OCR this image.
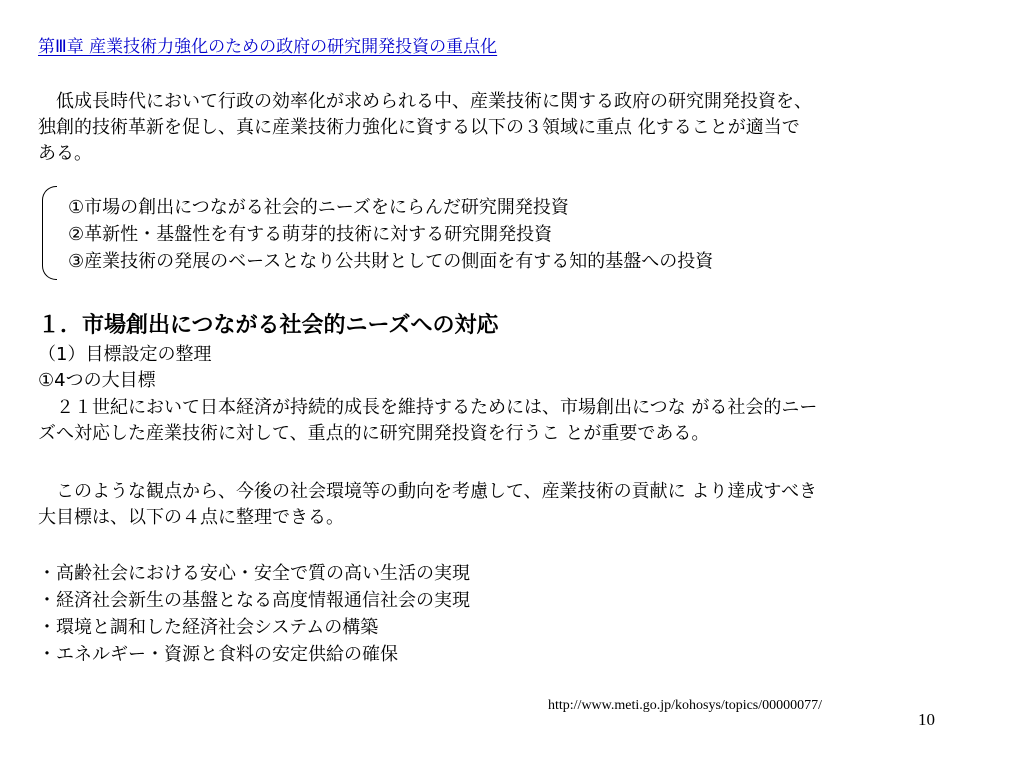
第Ⅲ章 産業技術力強化のための政府の研究開発投資の重点化
　低成長時代において行政の効率化が求められる中、産業技術に関する政府の研究開発投資を、
独創的技術革新を促し、真に産業技術力強化に資する以下の３領域に重点 化することが適当で
ある。
①市場の創出につながる社会的ニーズをにらんだ研究開発投資
②革新性・基盤性を有する萌芽的技術に対する研究開発投資
③産業技術の発展のベースとなり公共財としての側面を有する知的基盤への投資
１．市場創出につながる社会的ニーズへの対応
（1）目標設定の整理
①4つの大目標
　２１世紀において日本経済が持続的成長を維持するためには、市場創出につな がる社会的ニー
ズへ対応した産業技術に対して、重点的に研究開発投資を行うこ とが重要である。
　このような観点から、今後の社会環境等の動向を考慮して、産業技術の貢献に より達成すべき
大目標は、以下の４点に整理できる。
・高齢社会における安心・安全で質の高い生活の実現
・経済社会新生の基盤となる高度情報通信社会の実現
・環境と調和した経済社会システムの構築
・エネルギー・資源と食料の安定供給の確保
http://www.meti.go.jp/kohosys/topics/00000077/
10
